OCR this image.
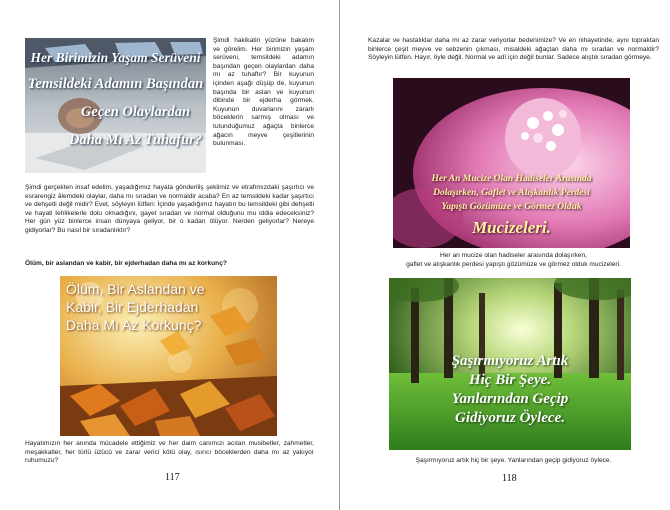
Her Birimizin Yaşam Serüveni
Temsildeki Adamın Başından
Geçen Olaylardan
Daha Mı Az Tuhaftır?

Şimdi hakikatin yüzüne bakalım ve görelim. Her birimizin yaşam serüveni, temsildeki adamın başından geçen olaylardan daha mı az tuhaftır? Bir kuyunun içinden aşağı düşüp de, kuyunun başında bir aslan ve kuyunun dibinde bir ejderha görmek. Kuyunun duvarlarını zararlı böceklerin sarmış olması ve tutunduğumuz ağaçta binlerce ağacın meyve çeşitlerinin bulunması.

Şimdi gerçekten insaf edelim, yaşadığımız hayata gönderiliş şeklimiz ve etrafımızdaki şaşırtıcı ve esrarengiz âlemdeki olaylar, daha mı sıradan ve normaldir acaba? En az temsildeki kadar şaşırtıcı ve dehşetli değil midir? Evet, söyleyin lütfen: İçinde yaşadığımız hayatın bu temsildeki gibi dehşetli ve hayati tehlikelerle dolu olmadığını, gayet sıradan ve normal olduğunu mu iddia edeceksiniz? Her gün yüz binlerce insan dünyaya geliyor, bir o kadarı ölüyor. Nerden geliyorlar? Nereye gidiyorlar? Bu nasıl bir sıradanlıktır?

Ölüm, bir aslandan ve kabir, bir ejderhadan daha mı az korkunç?

Ölüm, Bir Aslandan ve
Kabir, Bir Ejderhadan
Daha Mı Az Korkunç?

Hayatımızın her anında mücadele ettiğimiz ve her daim canımızı acıtan musibetler, zahmetler, meşakkatler, her türlü üzücü ve zarar verici kötü olay, ısırıcı böceklerden daha mı az yakıyor ruhumuzu?

117

Kazalar ve hastalıklar daha mı az zarar veriyorlar bedenimize? Ve en nihayetinde, aynı topraktan binlerce çeşit meyve ve sebzenin çıkması, misaldeki ağaçtan daha mı sıradan ve normaldir? Söyleyin lütfen. Hayır, öyle değil. Normal ve adî için değil bunlar. Sadece alıştık sıradan görmeye.

Her An Mucize Olan Hadiseler Arasında
Dolaşırken, Gaflet ve Alışkanlık Perdesi
Yapıştı Gözümüze ve Görmez Olduk
Mucizeleri.

Her an mucize olan hadiseler arasında dolaşırken,
gaflet ve alışkanlık perdesi yapıştı gözümüze ve görmez olduk mucizeleri.

Şaşırmıyoruz Artık
Hiç Bir Şeye.
Yanlarından Geçip
Gidiyoruz Öylece.

Şaşırmıyoruz artık hiç bir şeye. Yanlarından geçip gidiyoruz öylece.

118
